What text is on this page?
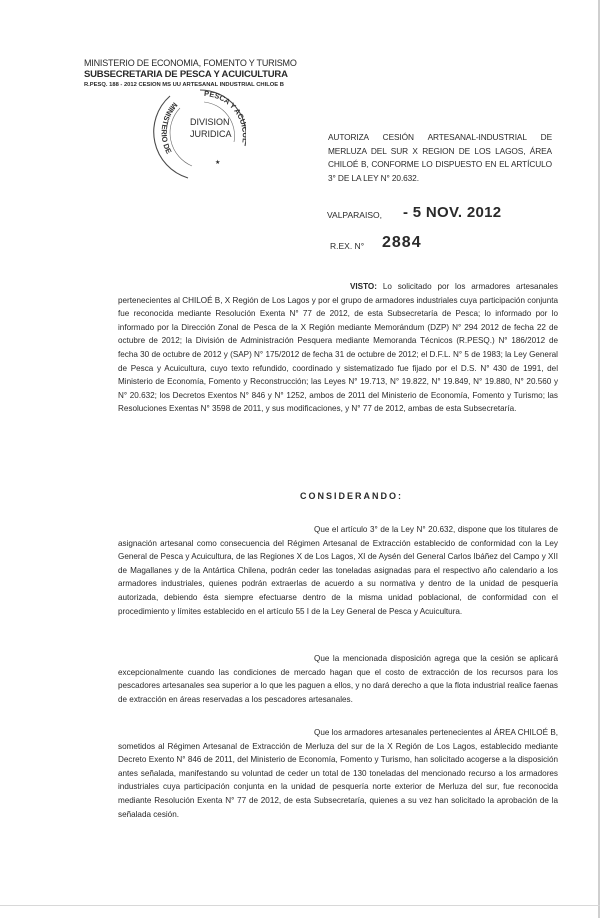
MINISTERIO DE ECONOMIA, FOMENTO Y TURISMO
SUBSECRETARIA DE PESCA Y ACUICULTURA
R.PESQ. 188 - 2012 CESION MS UU ARTESANAL INDUSTRIAL CHILOE B
MINISTERIO DE
PESCA Y AC
DIVISION
JURIDICA
★
AUTORIZA CESIÓN ARTESANAL-INDUSTRIAL DE MERLUZA DEL SUR X REGION DE LOS LAGOS, ÁREA CHILOÉ B, CONFORME LO DISPUESTO EN EL ARTÍCULO 3° DE LA LEY N° 20.632.
VALPARAISO, - 5 NOV. 2012
R.EX. N° 2884

VISTO: Lo solicitado por los armadores artesanales pertenecientes al CHILOÉ B, X Región de Los Lagos y por el grupo de armadores industriales cuya participación conjunta fue reconocida mediante Resolución Exenta N° 77 de 2012, de esta Subsecretaría de Pesca; lo informado por lo informado por la Dirección Zonal de Pesca de la X Región mediante Memorándum (DZP) N° 294 2012 de fecha 22 de octubre de 2012; la División de Administración Pesquera mediante Memoranda Técnicos (R.PESQ.) N° 186/2012 de fecha 30 de octubre de 2012 y (SAP) N° 175/2012 de fecha 31 de octubre de 2012; el D.F.L. N° 5 de 1983; la Ley General de Pesca y Acuicultura, cuyo texto refundido, coordinado y sistematizado fue fijado por el D.S. N° 430 de 1991, del Ministerio de Economía, Fomento y Reconstrucción; las Leyes N° 19.713, N° 19.822, N° 19.849, N° 19.880, N° 20.560 y N° 20.632; los Decretos Exentos N° 846 y N° 1252, ambos de 2011 del Ministerio de Economía, Fomento y Turismo; las Resoluciones Exentas N° 3598 de 2011, y sus modificaciones, y N° 77 de 2012, ambas de esta Subsecretaría.

CONSIDERANDO:

Que el artículo 3° de la Ley N° 20.632, dispone que los titulares de asignación artesanal como consecuencia del Régimen Artesanal de Extracción establecido de conformidad con la Ley General de Pesca y Acuicultura, de las Regiones X de Los Lagos, XI de Aysén del General Carlos Ibáñez del Campo y XII de Magallanes y de la Antártica Chilena, podrán ceder las toneladas asignadas para el respectivo año calendario a los armadores industriales, quienes podrán extraerlas de acuerdo a su normativa y dentro de la unidad de pesquería autorizada, debiendo ésta siempre efectuarse dentro de la misma unidad poblacional, de conformidad con el procedimiento y límites establecido en el artículo 55 I de la Ley General de Pesca y Acuicultura.

Que la mencionada disposición agrega que la cesión se aplicará excepcionalmente cuando las condiciones de mercado hagan que el costo de extracción de los recursos para los pescadores artesanales sea superior a lo que les paguen a ellos, y no dará derecho a que la flota industrial realice faenas de extracción en áreas reservadas a los pescadores artesanales.

Que los armadores artesanales pertenecientes al ÁREA CHILOÉ B, sometidos al Régimen Artesanal de Extracción de Merluza del sur de la X Región de Los Lagos, establecido mediante Decreto Exento N° 846 de 2011, del Ministerio de Economía, Fomento y Turismo, han solicitado acogerse a la disposición antes señalada, manifestando su voluntad de ceder un total de 130 toneladas del mencionado recurso a los armadores industriales cuya participación conjunta en la unidad de pesquería norte exterior de Merluza del sur, fue reconocida mediante Resolución Exenta N° 77 de 2012, de esta Subsecretaría, quienes a su vez han solicitado la aprobación de la señalada cesión.
